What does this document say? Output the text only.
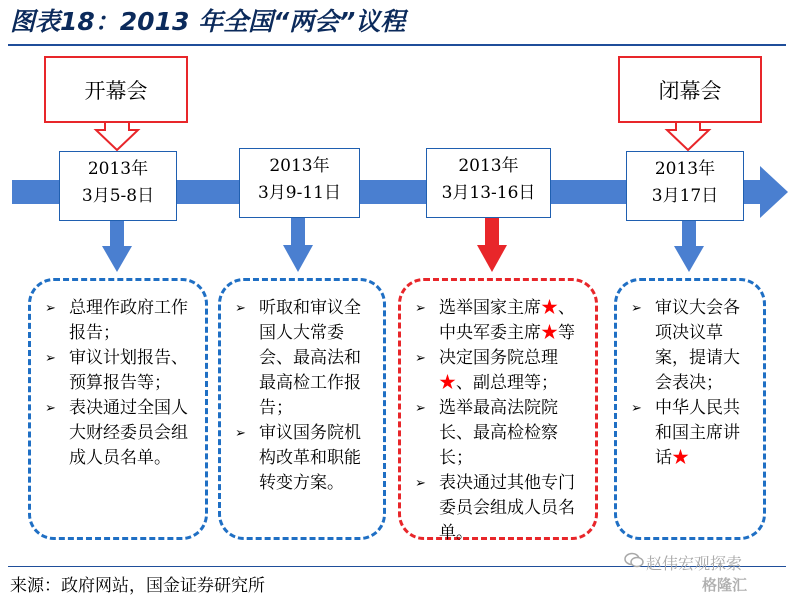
图表18：2013 年全国“两会”议程
开幕会	闭幕会
2013年
3月5-8日
2013年
3月9-11日
2013年
3月13-16日
2013年
3月17日
➢ 总理作政府工作报告；
➢ 审议计划报告、预算报告等；
➢ 表决通过全国人大财经委员会组成人员名单。
➢ 听取和审议全国人大常委会、最高法和最高检工作报告；
➢ 审议国务院机构改革和职能转变方案。
➢ 选举国家主席★、中央军委主席★等
➢ 决定国务院总理★、副总理等；
➢ 选举最高法院院长、最高检检察长；
➢ 表决通过其他专门委员会组成人员名单。
➢ 审议大会各项决议草案，提请大会表决；
➢ 中华人民共和国主席讲话★
来源：政府网站，国金证券研究所
赵伟宏观探索
格隆汇
